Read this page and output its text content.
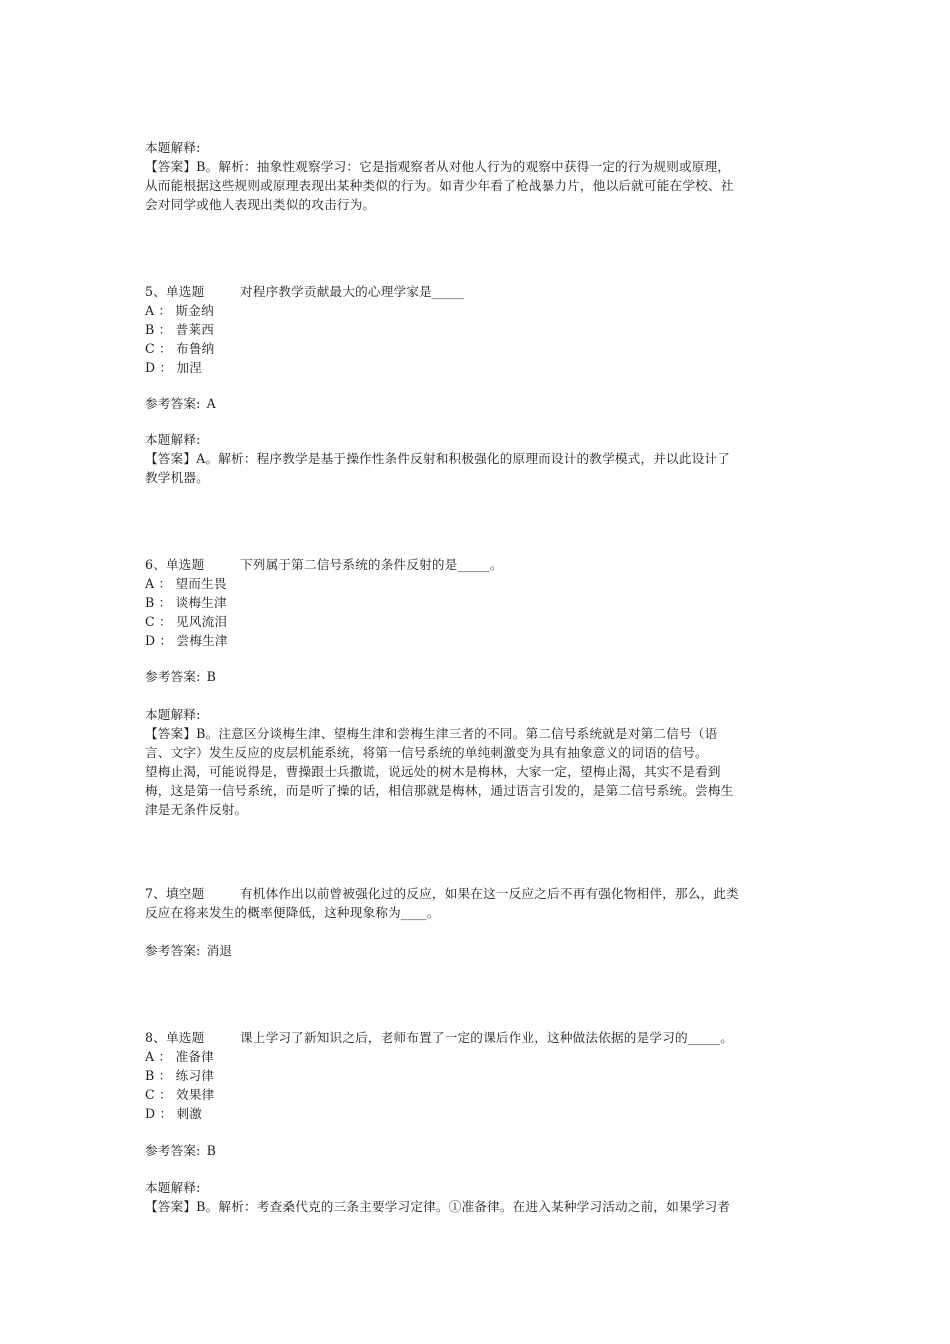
本题解释:
【答案】B。解析：抽象性观察学习：它是指观察者从对他人行为的观察中获得一定的行为规则或原理，
从而能根据这些规则或原理表现出某种类似的行为。如青少年看了枪战暴力片，他以后就可能在学校、社
会对同学或他人表现出类似的攻击行为。
5、单选题	对程序教学贡献最大的心理学家是_____
A ： 斯金纳
B ： 普莱西
C ： 布鲁纳
D ： 加涅
参考答案: A
本题解释:
【答案】A。解析：程序教学是基于操作性条件反射和积极强化的原理而设计的教学模式，并以此设计了
教学机器。
6、单选题	下列属于第二信号系统的条件反射的是_____。
A ： 望而生畏
B ： 谈梅生津
C ： 见风流泪
D ： 尝梅生津
参考答案: B
本题解释:
【答案】B。注意区分谈梅生津、望梅生津和尝梅生津三者的不同。第二信号系统就是对第二信号（语
言、文字）发生反应的皮层机能系统，将第一信号系统的单纯刺激变为具有抽象意义的词语的信号。
望梅止渴，可能说得是，曹操跟士兵撒谎，说远处的树木是梅林，大家一定，望梅止渴，其实不是看到
梅，这是第一信号系统，而是听了操的话，相信那就是梅林，通过语言引发的，是第二信号系统。尝梅生
津是无条件反射。
7、填空题	有机体作出以前曾被强化过的反应，如果在这一反应之后不再有强化物相伴，那么，此类
反应在将来发生的概率便降低，这种现象称为____。
参考答案: 消退
8、单选题	课上学习了新知识之后，老师布置了一定的课后作业，这种做法依据的是学习的_____。
A ： 准备律
B ： 练习律
C ： 效果律
D ： 刺激
参考答案: B
本题解释:
【答案】B。解析：考查桑代克的三条主要学习定律。①准备律。在进入某种学习活动之前，如果学习者
